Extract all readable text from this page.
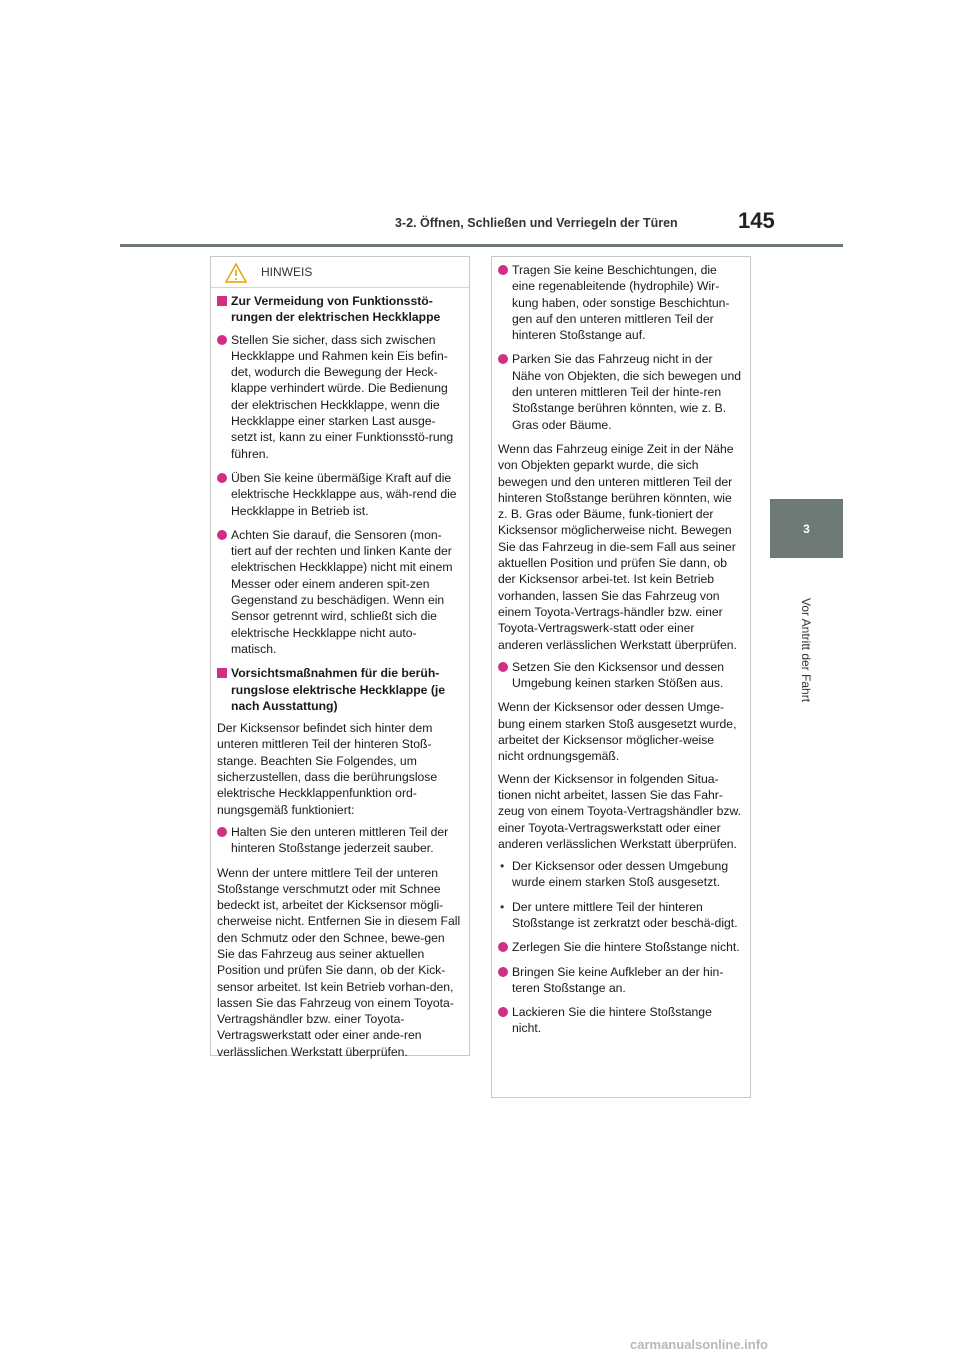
3-2. Öffnen, Schließen und Verriegeln der Türen	145
3
Vor Antritt der Fahrt
HINWEIS
Zur Vermeidung von Funktionsstö-rungen der elektrischen Heckklappe
Stellen Sie sicher, dass sich zwischen Heckklappe und Rahmen kein Eis befin-det, wodurch die Bewegung der Heck-klappe verhindert würde. Die Bedienung der elektrischen Heckklappe, wenn die Heckklappe einer starken Last ausge-setzt ist, kann zu einer Funktionsstö-rung führen.
Üben Sie keine übermäßige Kraft auf die elektrische Heckklappe aus, wäh-rend die Heckklappe in Betrieb ist.
Achten Sie darauf, die Sensoren (mon-tiert auf der rechten und linken Kante der elektrischen Heckklappe) nicht mit einem Messer oder einem anderen spit-zen Gegenstand zu beschädigen. Wenn ein Sensor getrennt wird, schließt sich die elektrische Heckklappe nicht auto-matisch.
Vorsichtsmaßnahmen für die berüh-rungslose elektrische Heckklappe (je nach Ausstattung)
Der Kicksensor befindet sich hinter dem unteren mittleren Teil der hinteren Stoß-stange. Beachten Sie Folgendes, um sicherzustellen, dass die berührungslose elektrische Heckklappenfunktion ord-nungsgemäß funktioniert:
Halten Sie den unteren mittleren Teil der hinteren Stoßstange jederzeit sauber.
Wenn der untere mittlere Teil der unteren Stoßstange verschmutzt oder mit Schnee bedeckt ist, arbeitet der Kicksensor mögli-cherweise nicht. Entfernen Sie in diesem Fall den Schmutz oder den Schnee, bewe-gen Sie das Fahrzeug aus seiner aktuellen Position und prüfen Sie dann, ob der Kick-sensor arbeitet. Ist kein Betrieb vorhan-den, lassen Sie das Fahrzeug von einem Toyota-Vertragshändler bzw. einer Toyota-Vertragswerkstatt oder einer ande-ren verlässlichen Werkstatt überprüfen.
Tragen Sie keine Beschichtungen, die eine regenableitende (hydrophile) Wir-kung haben, oder sonstige Beschichtun-gen auf den unteren mittleren Teil der hinteren Stoßstange auf.
Parken Sie das Fahrzeug nicht in der Nähe von Objekten, die sich bewegen und den unteren mittleren Teil der hinte-ren Stoßstange berühren könnten, wie z. B. Gras oder Bäume.
Wenn das Fahrzeug einige Zeit in der Nähe von Objekten geparkt wurde, die sich bewegen und den unteren mittleren Teil der hinteren Stoßstange berühren könnten, wie z. B. Gras oder Bäume, funk-tioniert der Kicksensor möglicherweise nicht. Bewegen Sie das Fahrzeug in die-sem Fall aus seiner aktuellen Position und prüfen Sie dann, ob der Kicksensor arbei-tet. Ist kein Betrieb vorhanden, lassen Sie das Fahrzeug von einem Toyota-Vertrags-händler bzw. einer Toyota-Vertragswerk-statt oder einer anderen verlässlichen Werkstatt überprüfen.
Setzen Sie den Kicksensor und dessen Umgebung keinen starken Stößen aus.
Wenn der Kicksensor oder dessen Umge-bung einem starken Stoß ausgesetzt wurde, arbeitet der Kicksensor möglicher-weise nicht ordnungsgemäß.
Wenn der Kicksensor in folgenden Situa-tionen nicht arbeitet, lassen Sie das Fahr-zeug von einem Toyota-Vertragshändler bzw. einer Toyota-Vertragswerkstatt oder einer anderen verlässlichen Werkstatt überprüfen.
• Der Kicksensor oder dessen Umgebung wurde einem starken Stoß ausgesetzt.
• Der untere mittlere Teil der hinteren Stoßstange ist zerkratzt oder beschä-digt.
Zerlegen Sie die hintere Stoßstange nicht.
Bringen Sie keine Aufkleber an der hin-teren Stoßstange an.
Lackieren Sie die hintere Stoßstange nicht.
carmanualsonline.info
